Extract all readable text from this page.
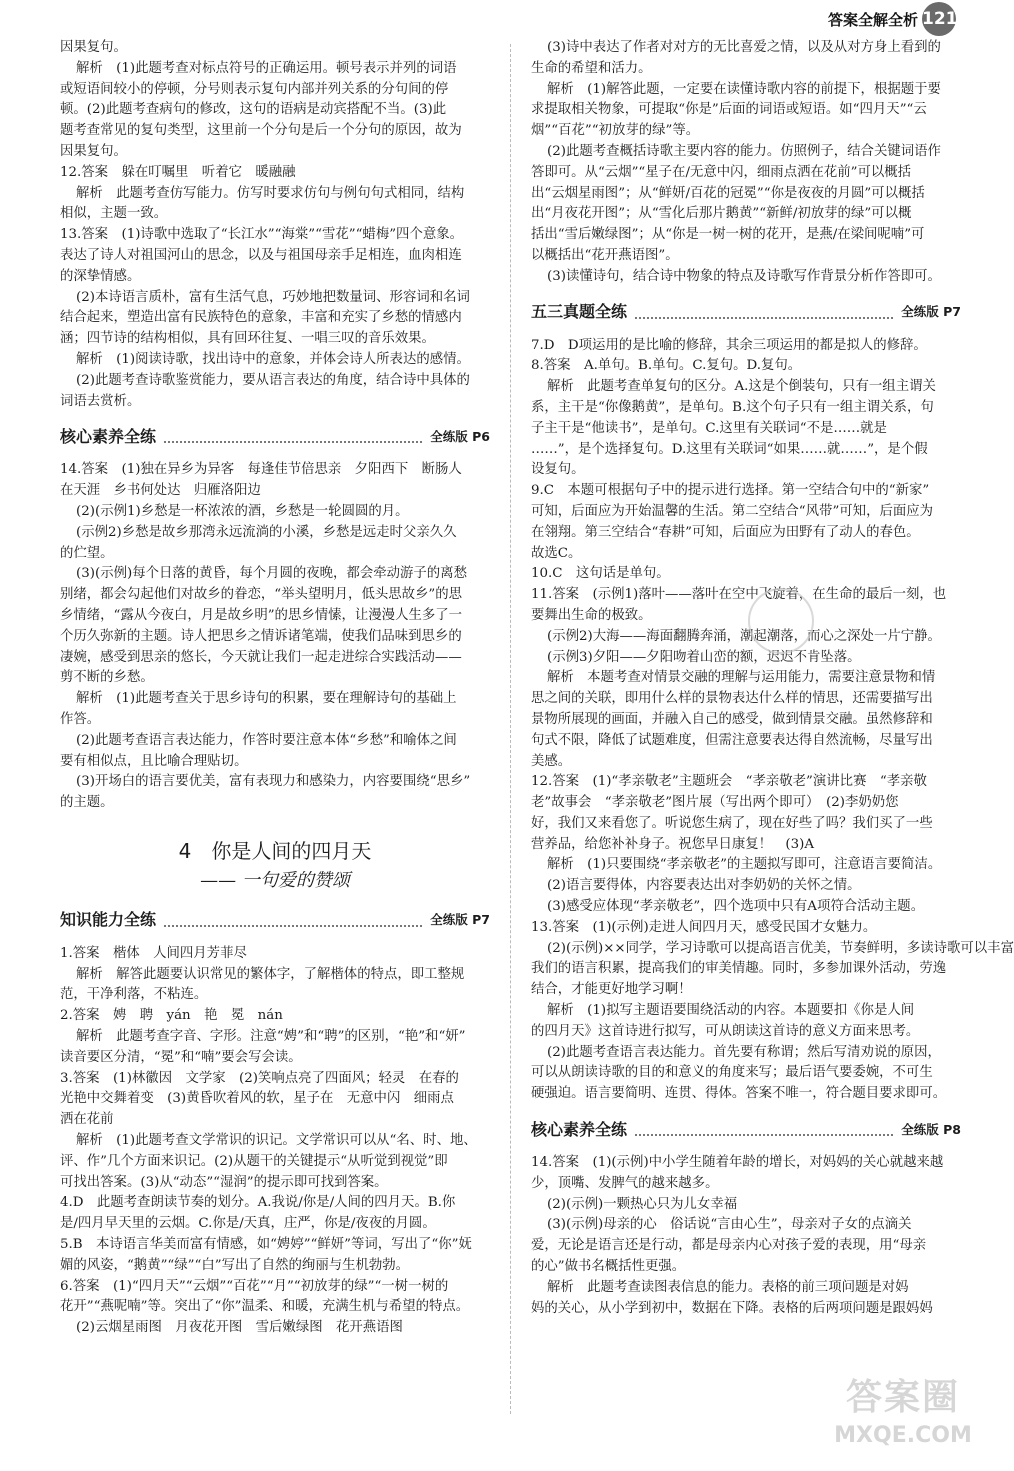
答案全解全析 121
因果复句。
解析　(1)此题考查对标点符号的正确运用。顿号表示并列的词语
或短语间较小的停顿，分号则表示复句内部并列关系的分句间的停
顿。(2)此题考查病句的修改，这句的语病是动宾搭配不当。(3)此
题考查常见的复句类型，这里前一个分句是后一个分句的原因，故为
因果复句。
12.答案　躲在叮嘱里　听着它　暖融融
解析　此题考查仿写能力。仿写时要求仿句与例句句式相同，结构
相似，主题一致。
13.答案　(1)诗歌中选取了“长江水”“海棠”“雪花”“蜡梅”四个意象。
表达了诗人对祖国河山的思念，以及与祖国母亲手足相连，血肉相连
的深挚情感。
(2)本诗语言质朴，富有生活气息，巧妙地把数量词、形容词和名词
结合起来，塑造出富有民族特色的意象，丰富和充实了乡愁的情感内
涵；四节诗的结构相似，具有回环往复、一唱三叹的音乐效果。
解析　(1)阅读诗歌，找出诗中的意象，并体会诗人所表达的感情。
(2)此题考查诗歌鉴赏能力，要从语言表达的角度，结合诗中具体的
词语去赏析。
核心素养全练	全练版 P6
14.答案　(1)独在异乡为异客　每逢佳节倍思亲　夕阳西下　断肠人
在天涯　乡书何处达　归雁洛阳边
(2)(示例1)乡愁是一杯浓浓的酒，乡愁是一轮圆圆的月。
(示例2)乡愁是故乡那湾永远流淌的小溪，乡愁是远走时父亲久久
的伫望。
(3)(示例)每个日落的黄昏，每个月圆的夜晚，都会牵动游子的离愁
别绪，都会勾起他们对故乡的眷恋，“举头望明月，低头思故乡”的思
乡情绪，“露从今夜白，月是故乡明”的思乡情愫，让漫漫人生多了一
个历久弥新的主题。诗人把思乡之情诉诸笔端，使我们品味到思乡的
凄婉，感受到思亲的悠长，今天就让我们一起走进综合实践活动——
剪不断的乡愁。
解析　(1)此题考查关于思乡诗句的积累，要在理解诗句的基础上
作答。
(2)此题考查语言表达能力，作答时要注意本体“乡愁”和喻体之间
要有相似点，且比喻合理贴切。
(3)开场白的语言要优美，富有表现力和感染力，内容要围绕“思乡”
的主题。
4　你是人间的四月天
—— 一句爱的赞颂
知识能力全练	全练版 P7
1.答案　楷体　人间四月芳菲尽
解析　解答此题要认识常见的繁体字，了解楷体的特点，即工整规
范，干净利落，不粘连。
2.答案　娉　聘　yán　艳　冕　nán
解析　此题考查字音、字形。注意“娉”和“聘”的区别，“艳”和“妍”
读音要区分清，“冕”和“喃”要会写会读。
3.答案　(1)林徽因　文学家　(2)笑响点亮了四面风；轻灵　在春的
光艳中交舞着变　(3)黄昏吹着风的软，星子在　无意中闪　细雨点
洒在花前
解析　(1)此题考查文学常识的识记。文学常识可以从“名、时、地、
评、作”几个方面来识记。(2)从题干的关键提示“从听觉到视觉”即
可找出答案。(3)从“动态”“湿润”的提示即可找到答案。
4.D　此题考查朗读节奏的划分。A.我说/你是/人间的四月天。B.你
是/四月早天里的云烟。C.你是/天真，庄严，你是/夜夜的月圆。
5.B　本诗语言华美而富有情感，如“娉婷”“鲜妍”等词，写出了“你”妩
媚的风姿，“鹅黄”“绿”“白”写出了自然的绚丽与生机勃勃。
6.答案　(1)“四月天”“云烟”“百花”“月”“初放芽的绿”“一树一树的
花开”“燕呢喃”等。突出了“你”温柔、和暖，充满生机与希望的特点。
(2)云烟星雨图　月夜花开图　雪后嫩绿图　花开燕语图
(3)诗中表达了作者对对方的无比喜爱之情，以及从对方身上看到的
生命的希望和活力。
解析　(1)解答此题，一定要在读懂诗歌内容的前提下，根据题于要
求提取相关物象，可提取“你是”后面的词语或短语。如“四月天”“云
烟”“百花”“初放芽的绿”等。
(2)此题考查概括诗歌主要内容的能力。仿照例子，结合关键词语作
答即可。从“云烟”“星子在/无意中闪，细雨点洒在花前”可以概括
出“云烟星雨图”；从“鲜妍/百花的冠冕”“你是夜夜的月圆”可以概括
出“月夜花开图”；从“雪化后那片鹅黄”“新鲜/初放芽的绿”可以概
括出“雪后嫩绿图”；从“你是一树一树的花开，是燕/在梁间呢喃”可
以概括出“花开燕语图”。
(3)读懂诗句，结合诗中物象的特点及诗歌写作背景分析作答即可。
五三真题全练	全练版 P7
7.D　D项运用的是比喻的修辞，其余三项运用的都是拟人的修辞。
8.答案　A.单句。B.单句。C.复句。D.复句。
解析　此题考查单复句的区分。A.这是个倒装句，只有一组主谓关
系，主干是“你像鹅黄”，是单句。B.这个句子只有一组主谓关系，句
子主干是“他读书”，是单句。C.这里有关联词“不是……就是
……”，是个选择复句。D.这里有关联词“如果……就……”，是个假
设复句。
9.C　本题可根据句子中的提示进行选择。第一空结合句中的“新家”
可知，后面应为开始温馨的生活。第二空结合“风带”可知，后面应为
在翎翔。第三空结合“春耕”可知，后面应为田野有了动人的春色。
故选C。
10.C　这句话是单句。
11.答案　(示例1)落叶——落叶在空中飞旋着，在生命的最后一刻，也
要舞出生命的极致。
(示例2)大海——海面翻腾奔涌，潮起潮落，而心之深处一片宁静。
(示例3)夕阳——夕阳吻着山峦的额，迟迟不肯坠落。
解析　本题考查对情景交融的理解与运用能力，需要注意景物和情
思之间的关联，即用什么样的景物表达什么样的情思，还需要描写出
景物所展现的画面，并融入自己的感受，做到情景交融。虽然修辞和
句式不限，降低了试题难度，但需注意要表达得自然流畅，尽量写出
美感。
12.答案　(1)“孝亲敬老”主题班会　“孝亲敬老”演讲比赛　“孝亲敬
老”故事会　“孝亲敬老”图片展（写出两个即可）　(2)李奶奶您
好，我们又来看您了。听说您生病了，现在好些了吗？我们买了一些
营养品，给您补补身子。祝您早日康复！　(3)A
解析　(1)只要围绕“孝亲敬老”的主题拟写即可，注意语言要简洁。
(2)语言要得体，内容要表达出对李奶奶的关怀之情。
(3)感受应体现“孝亲敬老”，四个选项中只有A项符合活动主题。
13.答案　(1)(示例)走进人间四月天，感受民国才女魅力。
(2)(示例)××同学，学习诗歌可以提高语言优美，节奏鲜明，多读诗歌可以丰富
我们的语言积累，提高我们的审美情趣。同时，多参加课外活动，劳逸
结合，才能更好地学习啊！
解析　(1)拟写主题语要围绕活动的内容。本题要扣《你是人间
的四月天》这首诗进行拟写，可从朗读这首诗的意义方面来思考。
(2)此题考查语言表达能力。首先要有称谓；然后写清劝说的原因，
可以从朗读诗歌的目的和意义的角度来写；最后语气要委婉，不可生
硬强迫。语言要简明、连贯、得体。答案不唯一，符合题目要求即可。
核心素养全练	全练版 P8
14.答案　(1)(示例)中小学生随着年龄的增长，对妈妈的关心就越来越
少，顶嘴、发脾气的越来越多。
(2)(示例)一颗热心只为儿女幸福
(3)(示例)母亲的心　俗话说“言由心生”，母亲对子女的点滴关
爱，无论是语言还是行动，都是母亲内心对孩子爱的表现，用“母亲
的心”做书名概括性更强。
解析　此题考查读图表信息的能力。表格的前三项问题是对妈
妈的关心，从小学到初中，数据在下降。表格的后两项问题是跟妈妈
答案圈
MXQE.COM
